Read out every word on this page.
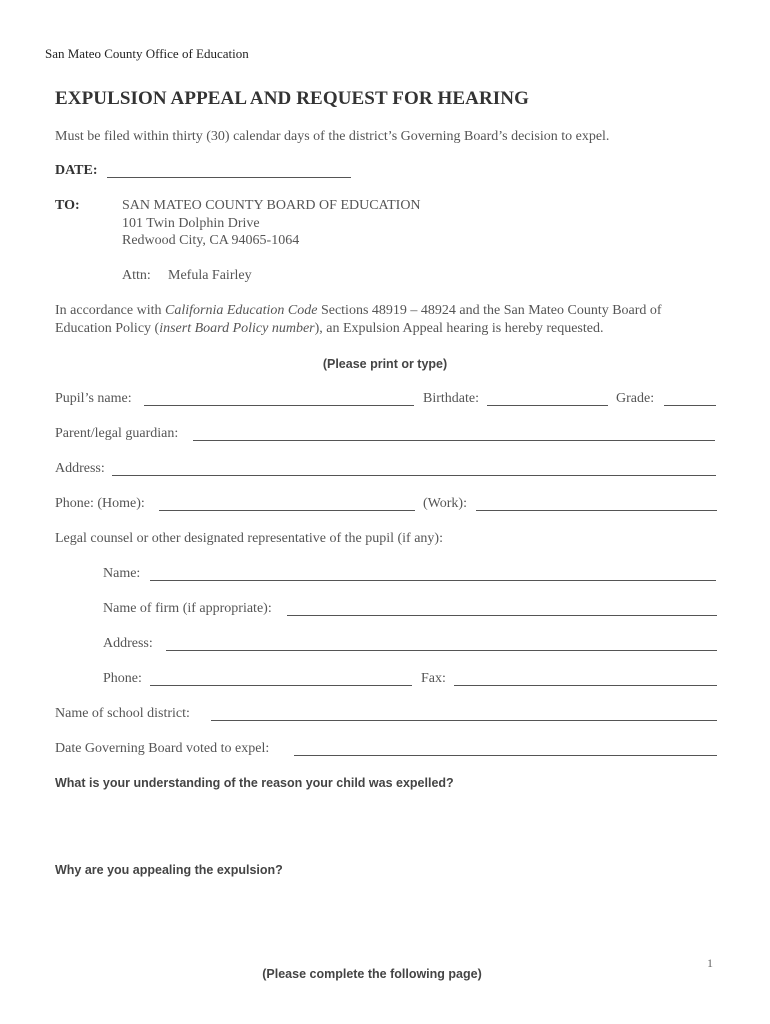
San Mateo County Office of Education
EXPULSION APPEAL AND REQUEST FOR HEARING
Must be filed within thirty (30) calendar days of the district’s Governing Board’s decision to expel.
DATE:
TO:	SAN MATEO COUNTY BOARD OF EDUCATION
101 Twin Dolphin Drive
Redwood City, CA 94065-1064
Attn: Mefula Fairley
In accordance with California Education Code Sections 48919 – 48924 and the San Mateo County Board of
Education Policy (insert Board Policy number), an Expulsion Appeal hearing is hereby requested.
(Please print or type)
Pupil’s name:	Birthdate:	Grade:
Parent/legal guardian:
Address:
Phone: (Home):	(Work):
Legal counsel or other designated representative of the pupil (if any):
Name:
Name of firm (if appropriate):
Address:
Phone:	Fax:
Name of school district:
Date Governing Board voted to expel:
What is your understanding of the reason your child was expelled?
Why are you appealing the expulsion?
1
(Please complete the following page)
